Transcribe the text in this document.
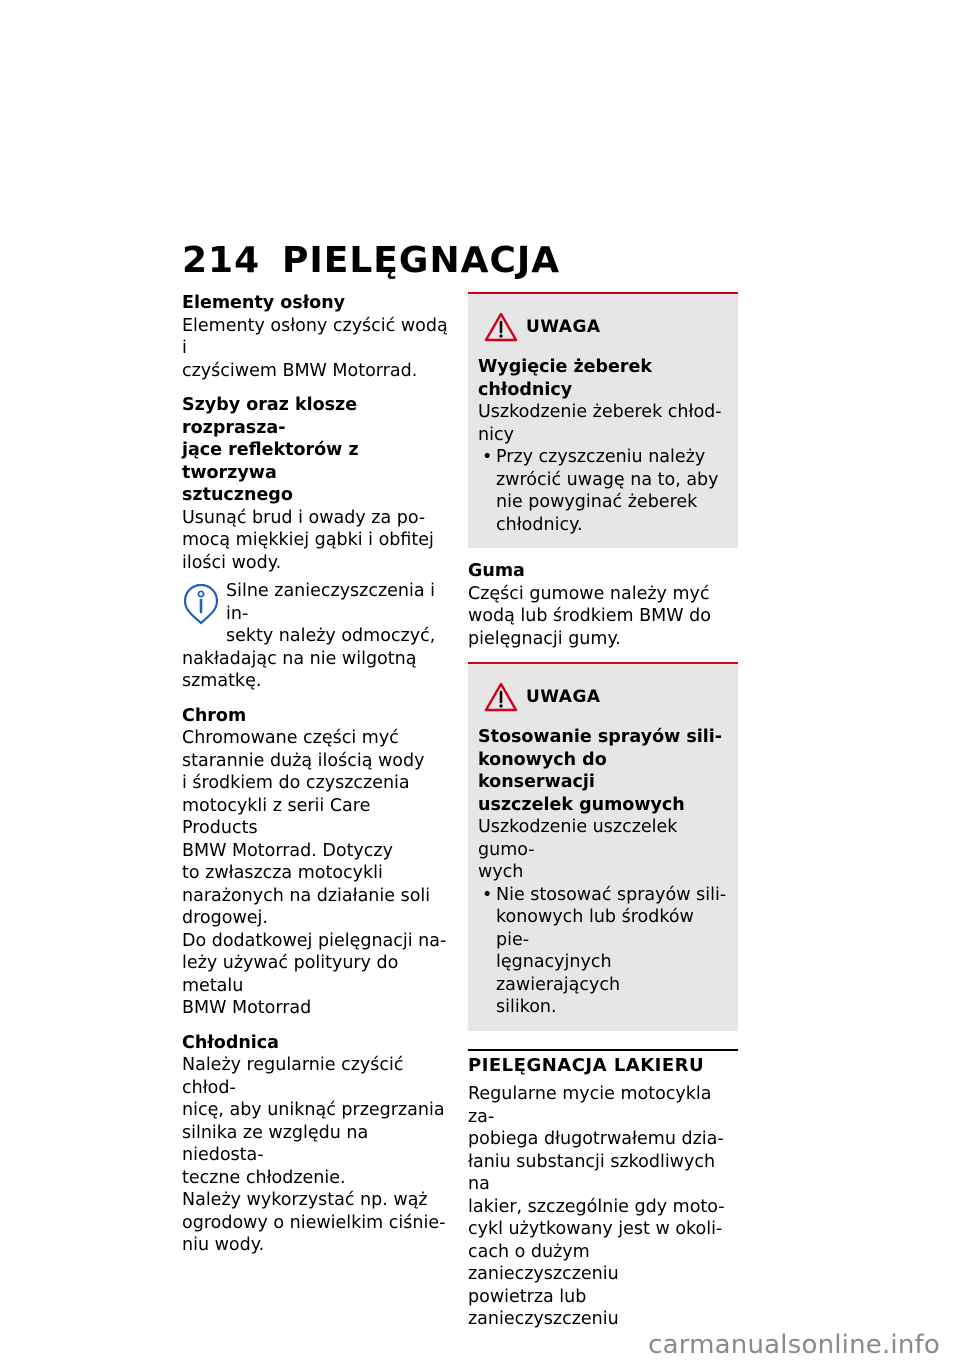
214 PIELĘGNACJA
Elementy osłony
Elementy osłony czyścić wodą i
czyściwem BMW Motorrad.
Szyby oraz klosze rozprasza-
jące reflektorów z tworzywa
sztucznego
Usunąć brud i owady za po-
mocą miękkiej gąbki i obfitej
ilości wody.
Silne zanieczyszczenia i in-
sekty należy odmoczyć,
nakładając na nie wilgotną
szmatkę.
Chrom
Chromowane części myć
starannie dużą ilością wody
i środkiem do czyszczenia
motocykli z serii Care Products
BMW Motorrad. Dotyczy
to zwłaszcza motocykli
narażonych na działanie soli
drogowej.
Do dodatkowej pielęgnacji na-
leży używać polityury do metalu
BMW Motorrad
Chłodnica
Należy regularnie czyścić chłod-
nicę, aby uniknąć przegrzania
silnika ze względu na niedosta-
teczne chłodzenie.
Należy wykorzystać np. wąż
ogrodowy o niewielkim ciśnie-
niu wody.
UWAGA
Wygięcie żeberek chłodnicy
Uszkodzenie żeberek chłod-
nicy
• Przy czyszczeniu należy
zwrócić uwagę na to, aby
nie powyginać żeberek
chłodnicy.
Guma
Części gumowe należy myć
wodą lub środkiem BMW do
pielęgnacji gumy.
UWAGA
Stosowanie sprayów sili-
konowych do konserwacji
uszczelek gumowych
Uszkodzenie uszczelek gumo-
wych
• Nie stosować sprayów sili-
konowych lub środków pie-
lęgnacyjnych zawierających
silikon.
PIELĘGNACJA LAKIERU
Regularne mycie motocykla za-
pobiega długotrwałemu dzia-
łaniu substancji szkodliwych na
lakier, szczególnie gdy moto-
cykl użytkowany jest w okoli-
cach o dużym zanieczyszczeniu
powietrza lub zanieczyszczeniu
carmanualsonline.info
